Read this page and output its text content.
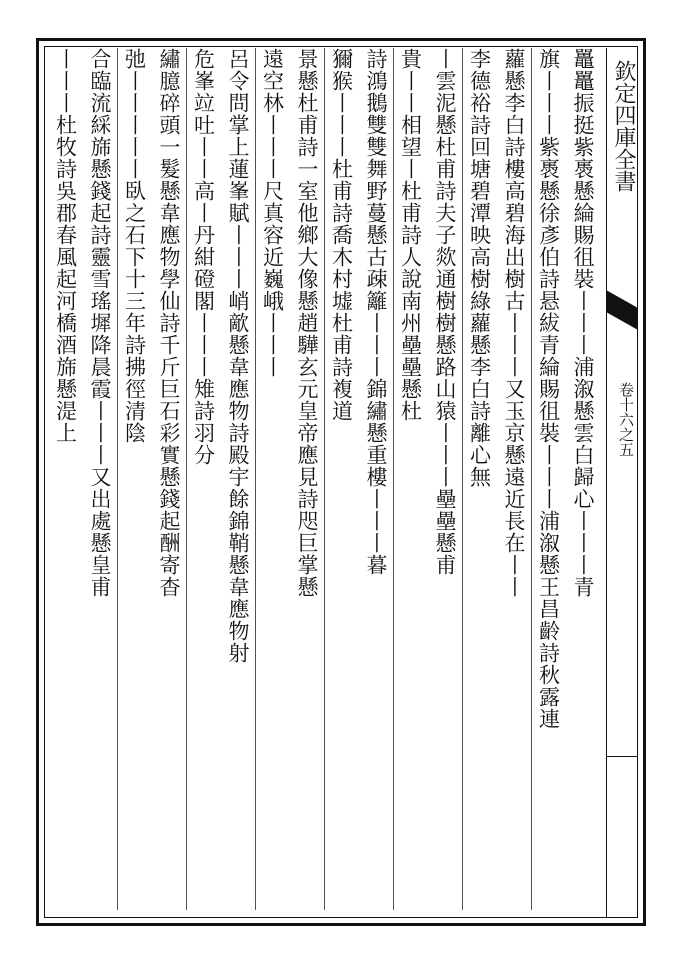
欽定四庫全書
卷十六之五
鼉鼉振挺紫褭懸綸賜徂裝丨丨丨浦溆懸雲白歸心丨丨丨青
旗丨丨丨紫褭懸徐彥伯詩悬紱青綸賜徂裝丨丨丨浦溆懸王昌齡詩秋露連
蘿懸李白詩樓高碧海出樹古丨丨丨又玉京懸遠近長在丨丨
李德裕詩回塘碧潭映高樹綠蘿懸李白詩離心無
丨雲泥懸杜甫詩夫子欻通樹樹懸路山猿丨丨丨壘壘懸甫
貴丨丨相望丨杜甫詩人說南州壘壘懸杜
詩鴻鵝雙雙舞野蔓懸古疎籬丨丨丨錦繡懸重樓丨丨丨暮
獮猴丨丨丨杜甫詩喬木村墟杜甫詩複道
景懸杜甫詩一室他鄉大像懸趙驊玄元皇帝應見詩咫巨掌懸
遠空林丨丨丨尺真容近巍峨丨丨丨
呂令問掌上蓮峯賦丨丨丨峭歒懸韋應物詩殿宇餘錦鞘懸韋應物射
危峯竝吐丨丨高丨丹紺磴閣丨丨丨雉詩羽分
繡臆碎頭一髮懸韋應物學仙詩千斤巨石彩實懸錢起酬寄杳
弛丨丨丨丨丨臥之石下十三年詩拂徑清陰
合臨流綵旆懸錢起詩靈雪瑤墀降晨霞丨丨丨又出處懸皇甫
丨丨丨杜牧詩吳郡春風起河橋酒旆懸湜上
